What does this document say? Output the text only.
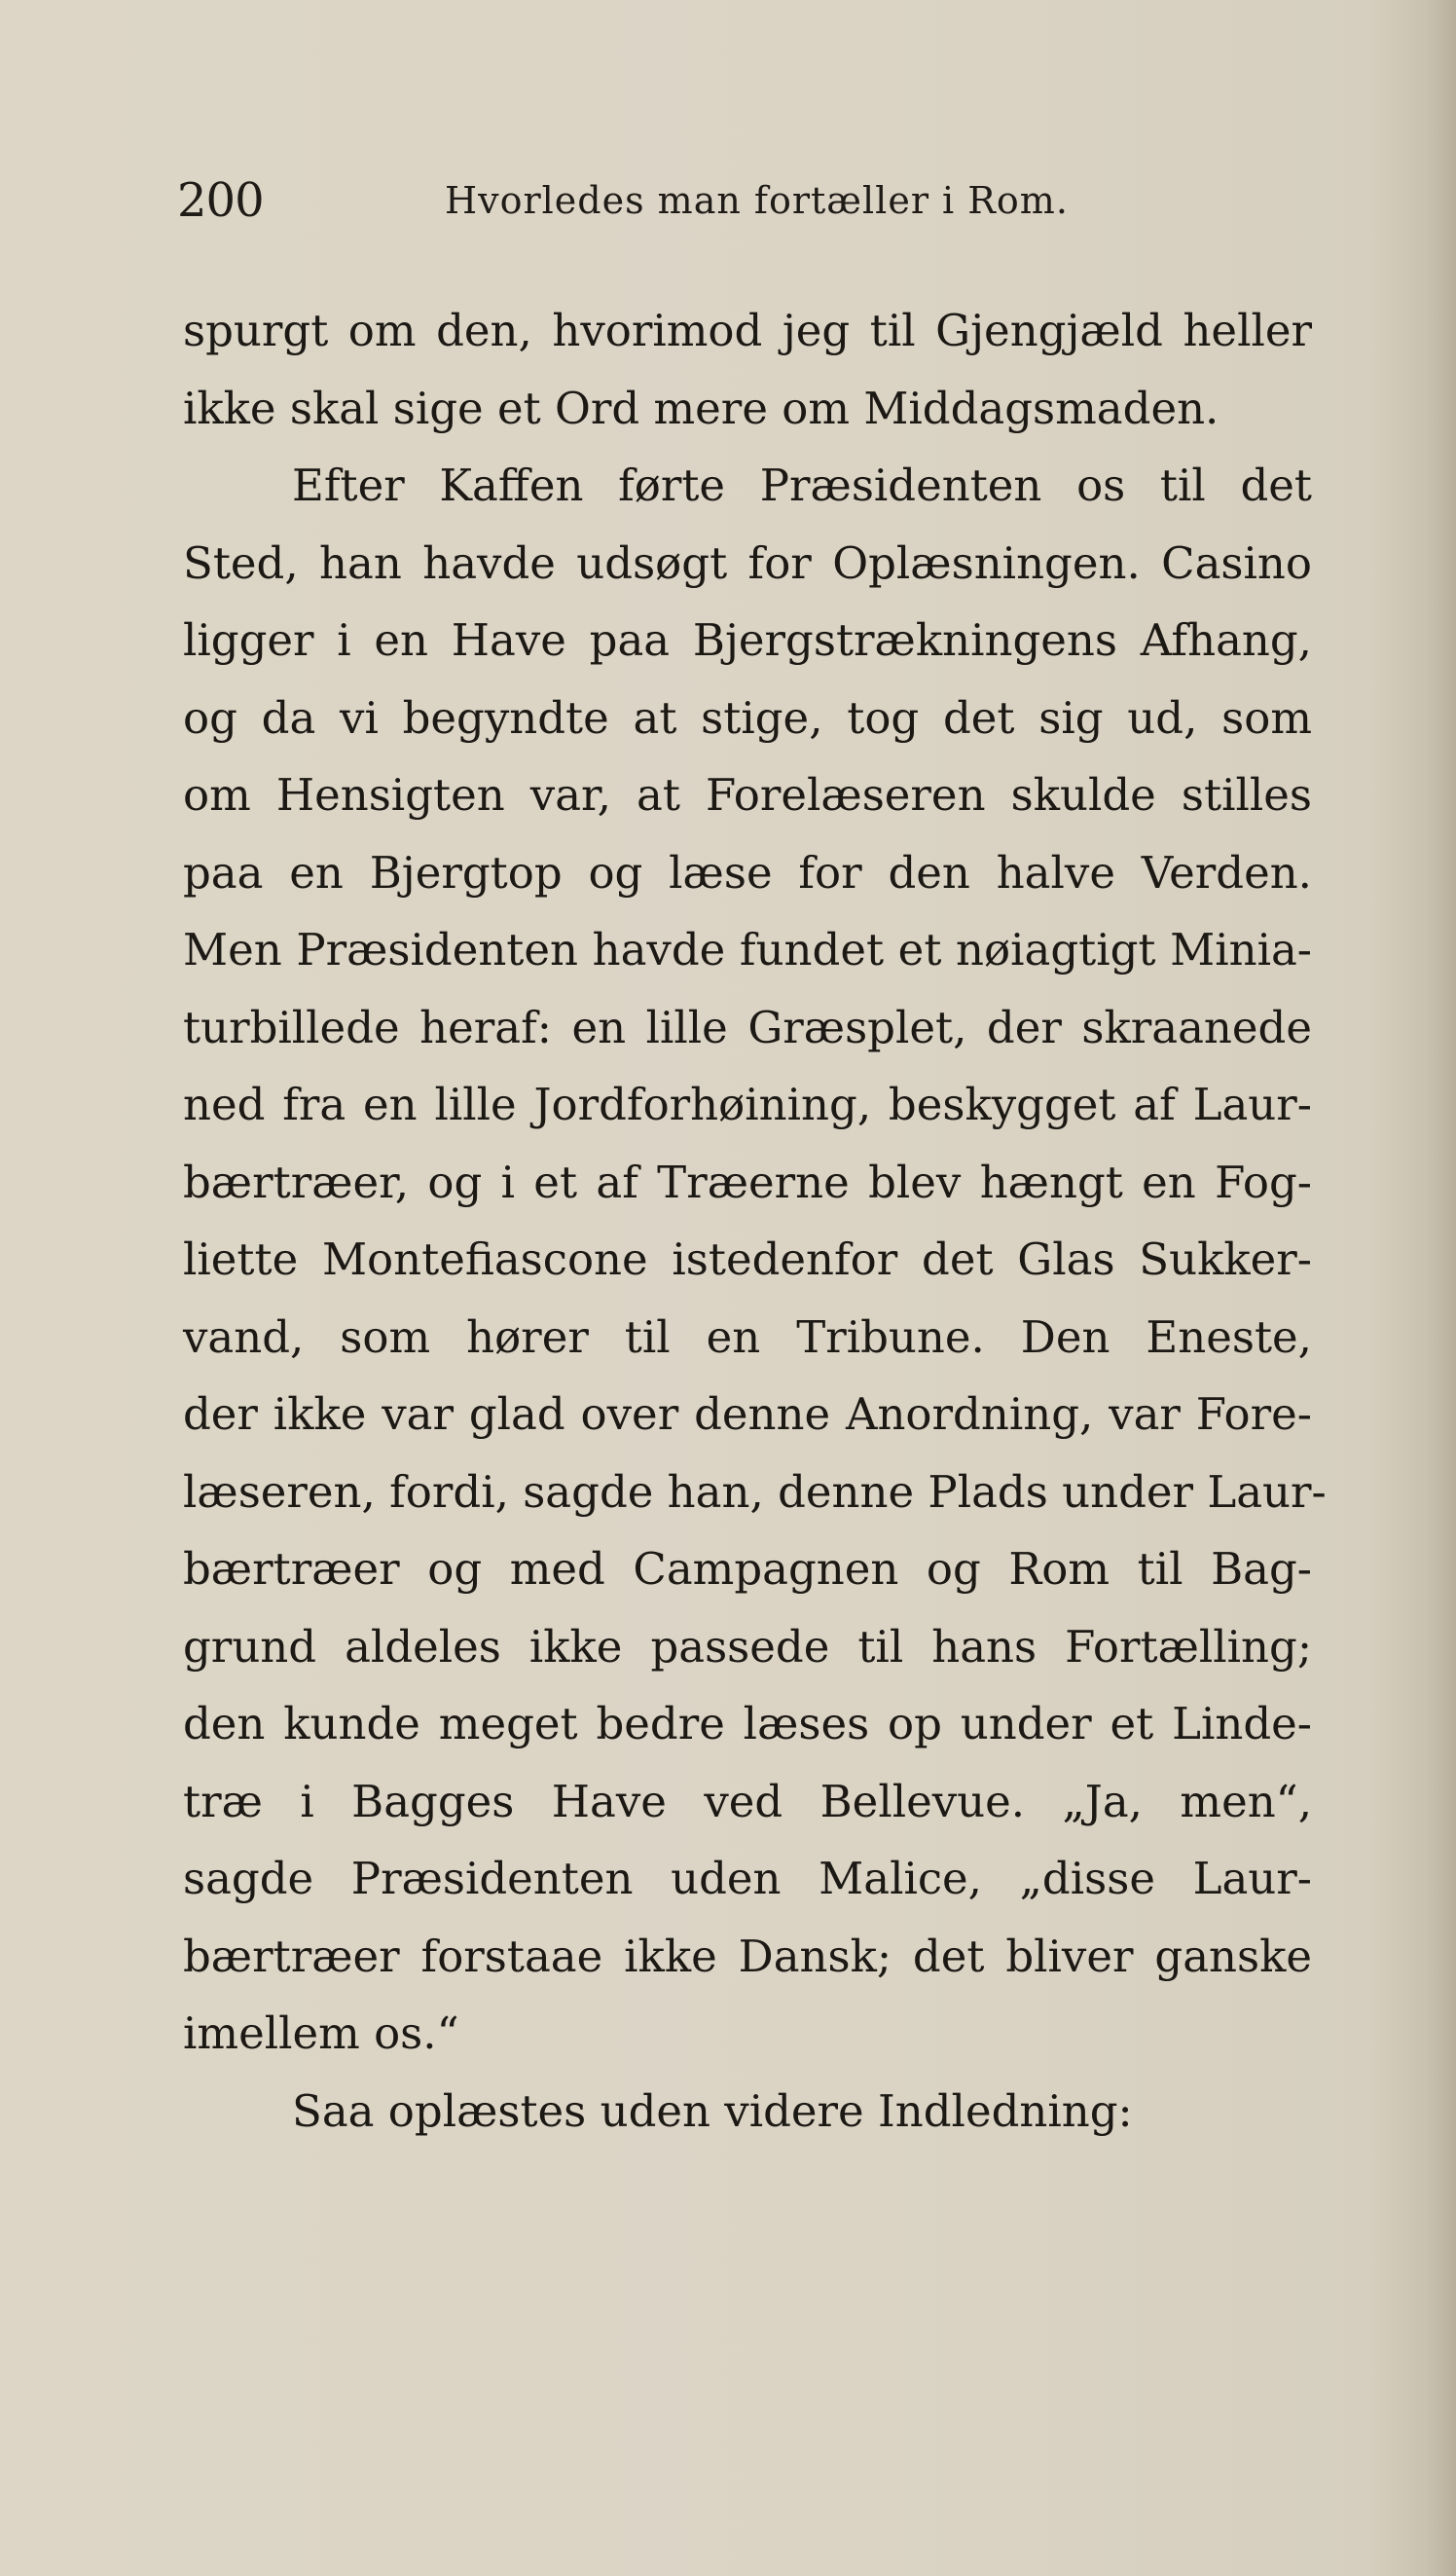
200	Hvorledes man fortæller i Rom.
spurgt om den, hvorimod jeg til Gjengjæld heller
ikke skal sige et Ord mere om Middagsmaden.
Efter Kaffen førte Præsidenten os til det
Sted, han havde udsøgt for Oplæsningen. Casino
ligger i en Have paa Bjergstrækningens Afhang,
og da vi begyndte at stige, tog det sig ud, som
om Hensigten var, at Forelæseren skulde stilles
paa en Bjergtop og læse for den halve Verden.
Men Præsidenten havde fundet et nøiagtigt Minia-
turbillede heraf: en lille Græsplet, der skraanede
ned fra en lille Jordforhøining, beskygget af Laur-
bærtræer, og i et af Træerne blev hængt en Fog-
liette Montefiascone istedenfor det Glas Sukker-
vand, som hører til en Tribune. Den Eneste,
der ikke var glad over denne Anordning, var Fore-
læseren, fordi, sagde han, denne Plads under Laur-
bærtræer og med Campagnen og Rom til Bag-
grund aldeles ikke passede til hans Fortælling;
den kunde meget bedre læses op under et Linde-
træ i Bagges Have ved Bellevue. „Ja, men“,
sagde Præsidenten uden Malice, „disse Laur-
bærtræer forstaae ikke Dansk; det bliver ganske
imellem os.“
Saa oplæstes uden videre Indledning:
